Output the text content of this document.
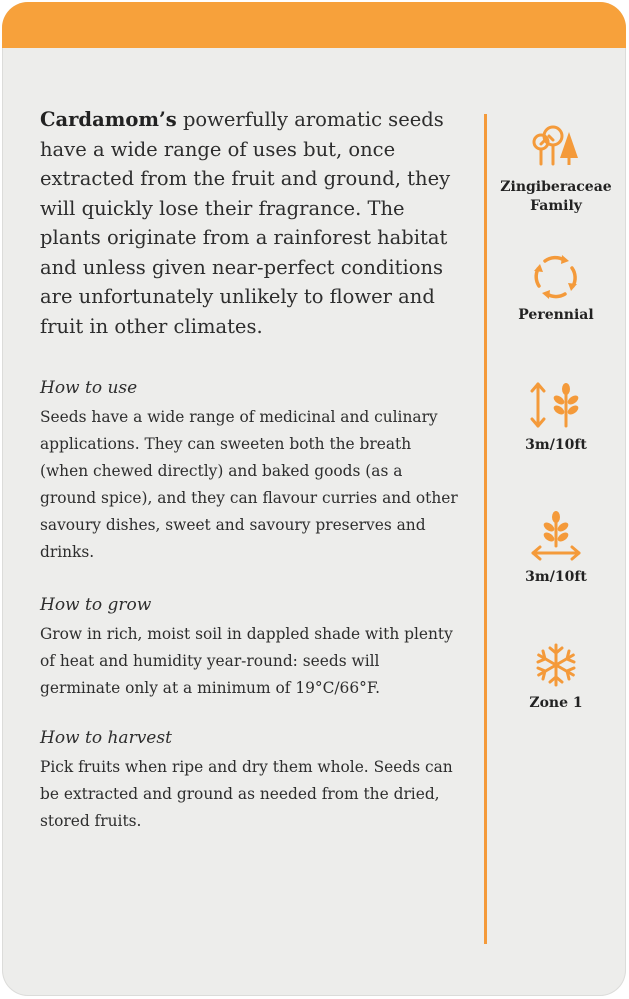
Cardamom’s powerfully aromatic seeds have a wide range of uses but, once extracted from the fruit and ground, they will quickly lose their fragrance. The plants originate from a rainforest habitat and unless given near-perfect conditions are unfortunately unlikely to flower and fruit in other climates.
How to use
Seeds have a wide range of medicinal and culinary applications. They can sweeten both the breath (when chewed directly) and baked goods (as a ground spice), and they can flavour curries and other savoury dishes, sweet and savoury preserves and drinks.
How to grow
Grow in rich, moist soil in dappled shade with plenty of heat and humidity year-round: seeds will germinate only at a minimum of 19°C/66°F.
How to harvest
Pick fruits when ripe and dry them whole. Seeds can be extracted and ground as needed from the dried, stored fruits.
Zingiberaceae
Family
Perennial
3m/10ft
3m/10ft
Zone 1
